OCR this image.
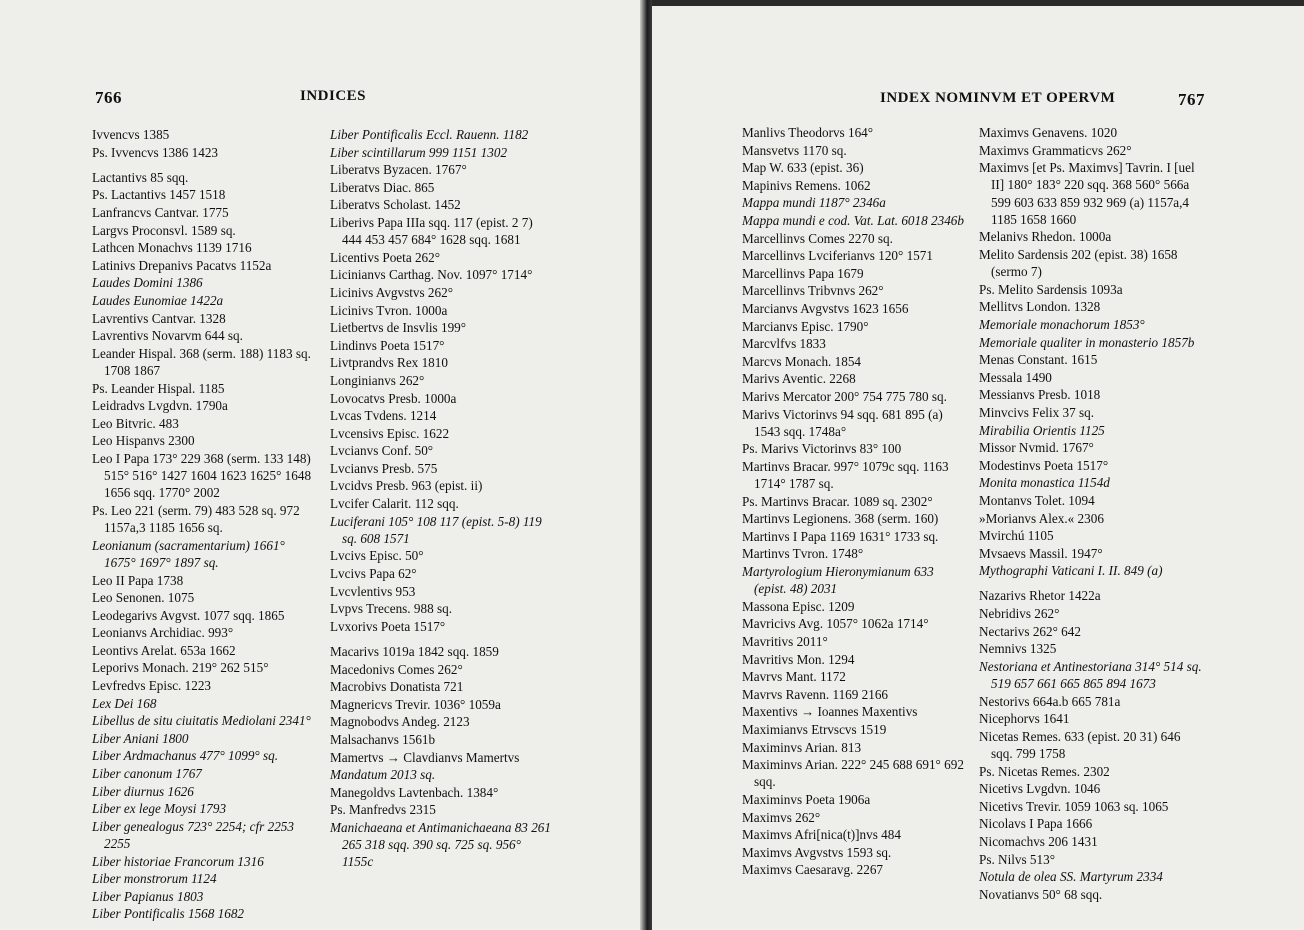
766	INDICES
Ivvencvs 1385
Ps. Ivvencvs 1386 1423
Lactantivs 85 sqq.
Ps. Lactantivs 1457 1518
Lanfrancvs Cantvar. 1775
Largvs Proconsvl. 1589 sq.
Lathcen Monachvs 1139 1716
Latinivs Drepanivs Pacatvs 1152a
Laudes Domini 1386
Laudes Eunomiae 1422a
Lavrentivs Cantvar. 1328
Lavrentivs Novarvm 644 sq.
Leander Hispal. 368 (serm. 188) 1183 sq. 1708 1867
Ps. Leander Hispal. 1185
Leidradvs Lvgdvn. 1790a
Leo Bitvric. 483
Leo Hispanvs 2300
Leo I Papa 173° 229 368 (serm. 133 148) 515° 516° 1427 1604 1623 1625° 1648 1656 sqq. 1770° 2002
Ps. Leo 221 (serm. 79) 483 528 sq. 972 1157a,3 1185 1656 sq.
Leonianum (sacramentarium) 1661° 1675° 1697° 1897 sq.
Leo II Papa 1738
Leo Senonen. 1075
Leodegarivs Avgvst. 1077 sqq. 1865
Leonianvs Archidiac. 993°
Leontivs Arelat. 653a 1662
Leporivs Monach. 219° 262 515°
Levfredvs Episc. 1223
Lex Dei 168
Libellus de situ ciuitatis Mediolani 2341°
Liber Aniani 1800
Liber Ardmachanus 477° 1099° sq.
Liber canonum 1767
Liber diurnus 1626
Liber ex lege Moysi 1793
Liber genealogus 723° 2254; cfr 2253 2255
Liber historiae Francorum 1316
Liber monstrorum 1124
Liber Papianus 1803
Liber Pontificalis 1568 1682
Liber Pontificalis Eccl. Rauenn. 1182
Liber scintillarum 999 1151 1302
Liberatvs Byzacen. 1767°
Liberatvs Diac. 865
Liberatvs Scholast. 1452
Liberivs Papa IIIa sqq. 117 (epist. 2 7) 444 453 457 684° 1628 sqq. 1681
Licentivs Poeta 262°
Licinianvs Carthag. Nov. 1097° 1714°
Licinivs Avgvstvs 262°
Licinivs Tvron. 1000a
Lietbertvs de Insvlis 199°
Lindinvs Poeta 1517°
Livtprandvs Rex 1810
Longinianvs 262°
Lovocatvs Presb. 1000a
Lvcas Tvdens. 1214
Lvcensivs Episc. 1622
Lvcianvs Conf. 50°
Lvcianvs Presb. 575
Lvcidvs Presb. 963 (epist. ii)
Lvcifer Calarit. 112 sqq.
Luciferani 105° 108 117 (epist. 5-8) 119 sq. 608 1571
Lvcivs Episc. 50°
Lvcivs Papa 62°
Lvcvlentivs 953
Lvpvs Trecens. 988 sq.
Lvxorivs Poeta 1517°
Macarivs 1019a 1842 sqq. 1859
Macedonivs Comes 262°
Macrobivs Donatista 721
Magnericvs Trevir. 1036° 1059a
Magnobodvs Andeg. 2123
Malsachanvs 1561b
Mamertvs → Clavdianvs Mamertvs
Mandatum 2013 sq.
Manegoldvs Lavtenbach. 1384°
Ps. Manfredvs 2315
Manichaeana et Antimanichaeana 83 261 265 318 sqq. 390 sq. 725 sq. 956° 1155c
INDEX NOMINVM ET OPERVM	767
Manlivs Theodorvs 164°
Mansvetvs 1170 sq.
Map W. 633 (epist. 36)
Mapinivs Remens. 1062
Mappa mundi 1187° 2346a
Mappa mundi e cod. Vat. Lat. 6018 2346b
Marcellinvs Comes 2270 sq.
Marcellinvs Lvciferianvs 120° 1571
Marcellinvs Papa 1679
Marcellinvs Tribvnvs 262°
Marcianvs Avgvstvs 1623 1656
Marcianvs Episc. 1790°
Marcvlfvs 1833
Marcvs Monach. 1854
Marivs Aventic. 2268
Marivs Mercator 200° 754 775 780 sq.
Marivs Victorinvs 94 sqq. 681 895 (a) 1543 sqq. 1748a°
Ps. Marivs Victorinvs 83° 100
Martinvs Bracar. 997° 1079c sqq. 1163 1714° 1787 sq.
Ps. Martinvs Bracar. 1089 sq. 2302°
Martinvs Legionens. 368 (serm. 160)
Martinvs I Papa 1169 1631° 1733 sq.
Martinvs Tvron. 1748°
Martyrologium Hieronymianum 633 (epist. 48) 2031
Massona Episc. 1209
Mavricivs Avg. 1057° 1062a 1714°
Mavritivs 2011°
Mavritivs Mon. 1294
Mavrvs Mant. 1172
Mavrvs Ravenn. 1169 2166
Maxentivs → Ioannes Maxentivs
Maximianvs Etrvscvs 1519
Maximinvs Arian. 813
Maximinvs Arian. 222° 245 688 691° 692 sqq.
Maximinvs Poeta 1906a
Maximvs 262°
Maximvs Afri[nica(t)]nvs 484
Maximvs Avgvstvs 1593 sq.
Maximvs Caesaravg. 2267
Maximvs Genavens. 1020
Maximvs Grammaticvs 262°
Maximvs [et Ps. Maximvs] Tavrin. I [uel II] 180° 183° 220 sqq. 368 560° 566a 599 603 633 859 932 969 (a) 1157a,4 1185 1658 1660
Melanivs Rhedon. 1000a
Melito Sardensis 202 (epist. 38) 1658 (sermo 7)
Ps. Melito Sardensis 1093a
Mellitvs London. 1328
Memoriale monachorum 1853°
Memoriale qualiter in monasterio 1857b
Menas Constant. 1615
Messala 1490
Messianvs Presb. 1018
Minvcivs Felix 37 sq.
Mirabilia Orientis 1125
Missor Nvmid. 1767°
Modestinvs Poeta 1517°
Monita monastica 1154d
Montanvs Tolet. 1094
»Morianvs Alex.« 2306
Mvirchú 1105
Mvsaevs Massil. 1947°
Mythographi Vaticani I. II. 849 (a)
Nazarivs Rhetor 1422a
Nebridivs 262°
Nectarivs 262° 642
Nemnivs 1325
Nestoriana et Antinestoriana 314° 514 sq. 519 657 661 665 865 894 1673
Nestorivs 664a.b 665 781a
Nicephorvs 1641
Nicetas Remes. 633 (epist. 20 31) 646 sqq. 799 1758
Ps. Nicetas Remes. 2302
Nicetivs Lvgdvn. 1046
Nicetivs Trevir. 1059 1063 sq. 1065
Nicolavs I Papa 1666
Nicomachvs 206 1431
Ps. Nilvs 513°
Notula de olea SS. Martyrum 2334
Novatianvs 50° 68 sqq.
